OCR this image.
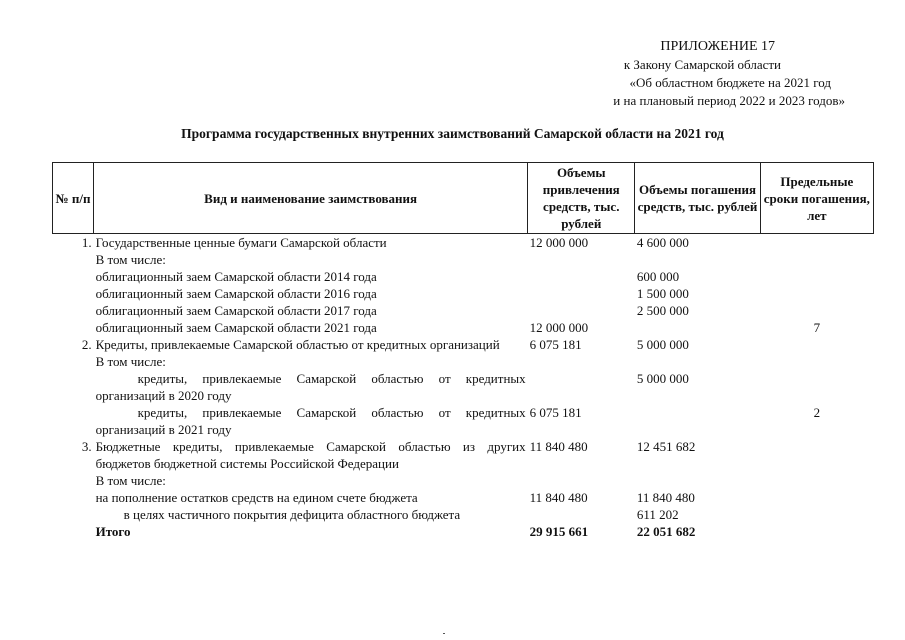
ПРИЛОЖЕНИЕ 17
к Закону Самарской области
«Об областном бюджете на 2021 год
и на плановый период 2022 и 2023 годов»
Программа государственных внутренних заимствований Самарской области на 2021 год
№ п/п	Вид и наименование заимствования	Объемы привлечения средств, тыс. рублей	Объемы погашения средств, тыс. рублей	Предельные сроки погашения, лет
1.	Государственные ценные бумаги Самарской области	12 000 000	4 600 000	
	В том числе:			
	облигационный заем Самарской области 2014 года		600 000	
	облигационный заем Самарской области 2016 года		1 500 000	
	облигационный заем Самарской области 2017 года		2 500 000	
	облигационный заем Самарской области 2021 года	12 000 000		7
2.	Кредиты, привлекаемые Самарской областью от кредитных организаций	6 075 181	5 000 000	
	В том числе:			
	кредиты, привлекаемые Самарской областью от кредитных организаций в 2020 году		5 000 000	
	кредиты, привлекаемые Самарской областью от кредитных организаций в 2021 году	6 075 181		2
3.	Бюджетные кредиты, привлекаемые Самарской областью из других бюджетов бюджетной системы Российской Федерации	11 840 480	12 451 682	
	В том числе:			
	на пополнение остатков средств на едином счете бюджета	11 840 480	11 840 480	
	в целях частичного покрытия дефицита областного бюджета		611 202	
	Итого	29 915 661	22 051 682	
